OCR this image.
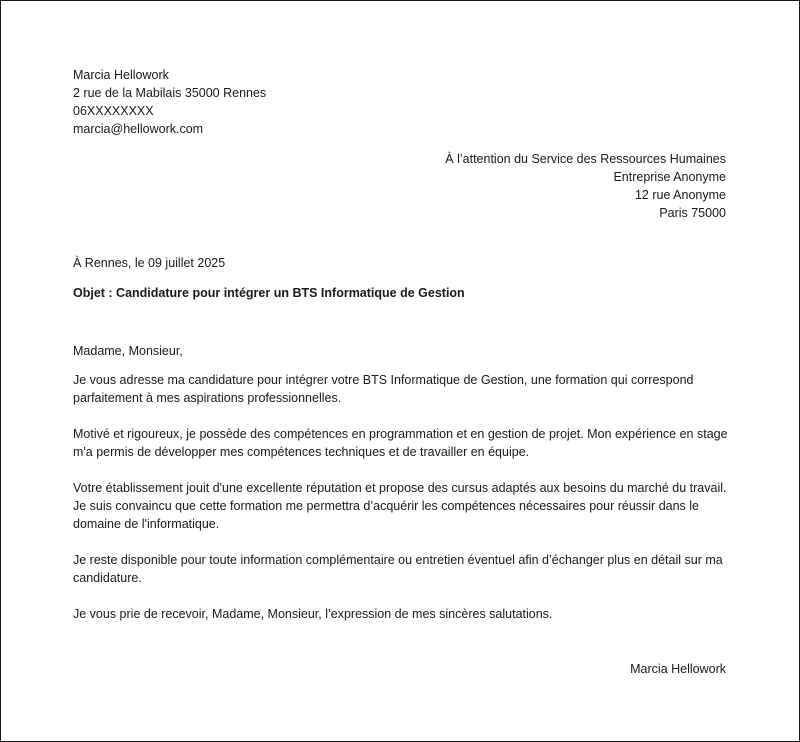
Marcia Hellowork
2 rue de la Mabilais 35000 Rennes
06XXXXXXXX
marcia@hellowork.com
À l’attention du Service des Ressources Humaines
Entreprise Anonyme
12 rue Anonyme
Paris 75000
À Rennes, le 09 juillet 2025
Objet : Candidature pour intégrer un BTS Informatique de Gestion

Madame, Monsieur,

Je vous adresse ma candidature pour intégrer votre BTS Informatique de Gestion, une formation qui correspond parfaitement à mes aspirations professionnelles.

Motivé et rigoureux, je possède des compétences en programmation et en gestion de projet. Mon expérience en stage m'a permis de développer mes compétences techniques et de travailler en équipe.

Votre établissement jouit d'une excellente réputation et propose des cursus adaptés aux besoins du marché du travail. Je suis convaincu que cette formation me permettra d’acquérir les compétences nécessaires pour réussir dans le domaine de l'informatique.

Je reste disponible pour toute information complémentaire ou entretien éventuel afin d’échanger plus en détail sur ma candidature.

Je vous prie de recevoir, Madame, Monsieur, l’expression de mes sincères salutations.

Marcia Hellowork
